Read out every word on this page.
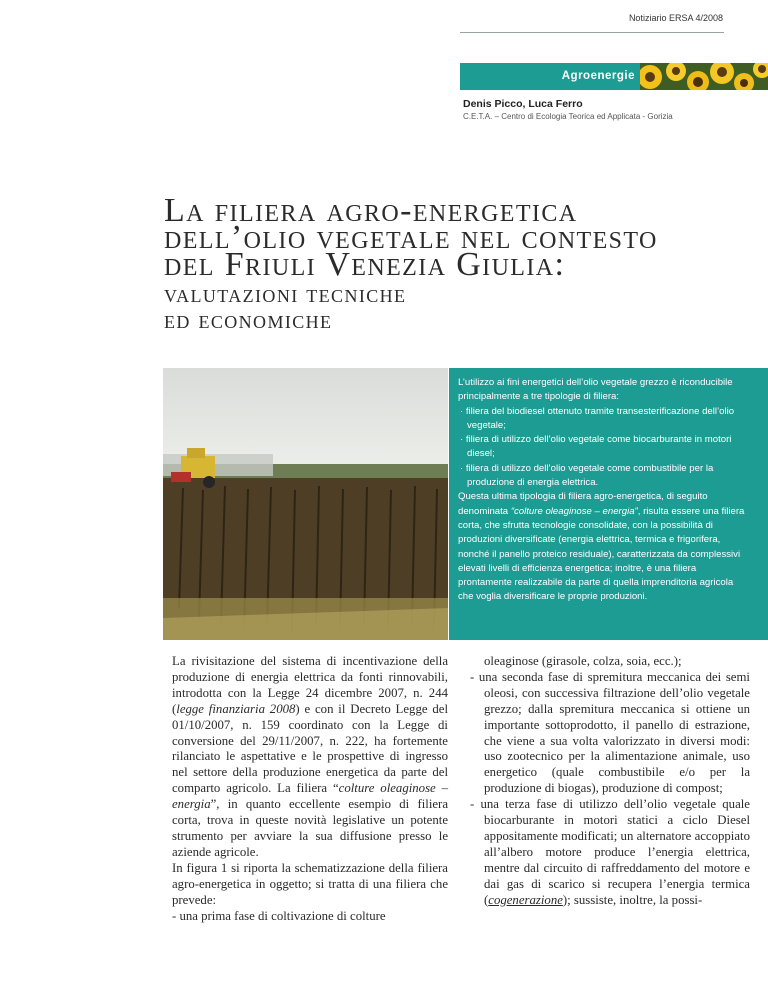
Notiziario ERSA 4/2008
Agroenergie
Denis Picco, Luca Ferro
C.E.T.A. – Centro di Ecologia Teorica ed Applicata - Gorizia

La filiera agro-energetica

dell’olio vegetale nel contesto

del Friuli Venezia Giulia:

valutazioni tecniche

ed economiche

L’utilizzo ai fini energetici dell’olio vegetale grezzo è riconducibile principalmente a tre tipologie di filiera:

· filiera del biodiesel ottenuto tramite transesterificazione dell’olio vegetale;
· filiera di utilizzo dell’olio vegetale come biocarburante in motori diesel;
· filiera di utilizzo dell’olio vegetale come combustibile per la produzione di energia elettrica.

Questa ultima tipologia di filiera agro-energetica, di seguito denominata “colture oleaginose – energia”, risulta essere una filiera corta, che sfrutta tecnologie consolidate, con la possibilità di produzioni diversificate (energia elettrica, termica e frigorifera, nonché il panello proteico residuale), caratterizzata da complessivi elevati livelli di efficienza energetica; inoltre, è una filiera prontamente realizzabile da parte di quella imprenditoria agricola che voglia diversificare le proprie produzioni.

La rivisitazione del sistema di incentivazione della produzione di energia elettrica da fonti rinnovabili, introdotta con la Legge 24 dicembre 2007, n. 244 (legge finanziaria 2008) e con il Decreto Legge del 01/10/2007, n. 159 coordinato con la Legge di conversione del 29/11/2007, n. 222, ha fortemente rilanciato le aspettative e le prospettive di ingresso nel settore della produzione energetica da parte del comparto agricolo. La filiera “colture oleaginose – energia”, in quanto eccellente esempio di filiera corta, trova in queste novità legislative un potente strumento per avviare la sua diffusione presso le aziende agricole.

In figura 1 si riporta la schematizzazione della filiera agro-energetica in oggetto; si tratta di una filiera che prevede:

- una prima fase di coltivazione di colture

oleaginose (girasole, colza, soia, ecc.);

- una seconda fase di spremitura meccanica dei semi oleosi, con successiva filtrazione dell’olio vegetale grezzo; dalla spremitura meccanica si ottiene un importante sottoprodotto, il panello di estrazione, che viene a sua volta valorizzato in diversi modi: uso zootecnico per la alimentazione animale, uso energetico (quale combustibile e/o per la produzione di biogas), produzione di compost;

- una terza fase di utilizzo dell’olio vegetale quale biocarburante in motori statici a ciclo Diesel appositamente modificati; un alternatore accoppiato all’albero motore produce l’energia elettrica, mentre dal circuito di raffreddamento del motore e dai gas di scarico si recupera l’energia termica (cogenerazione); sussiste, inoltre, la possi-
